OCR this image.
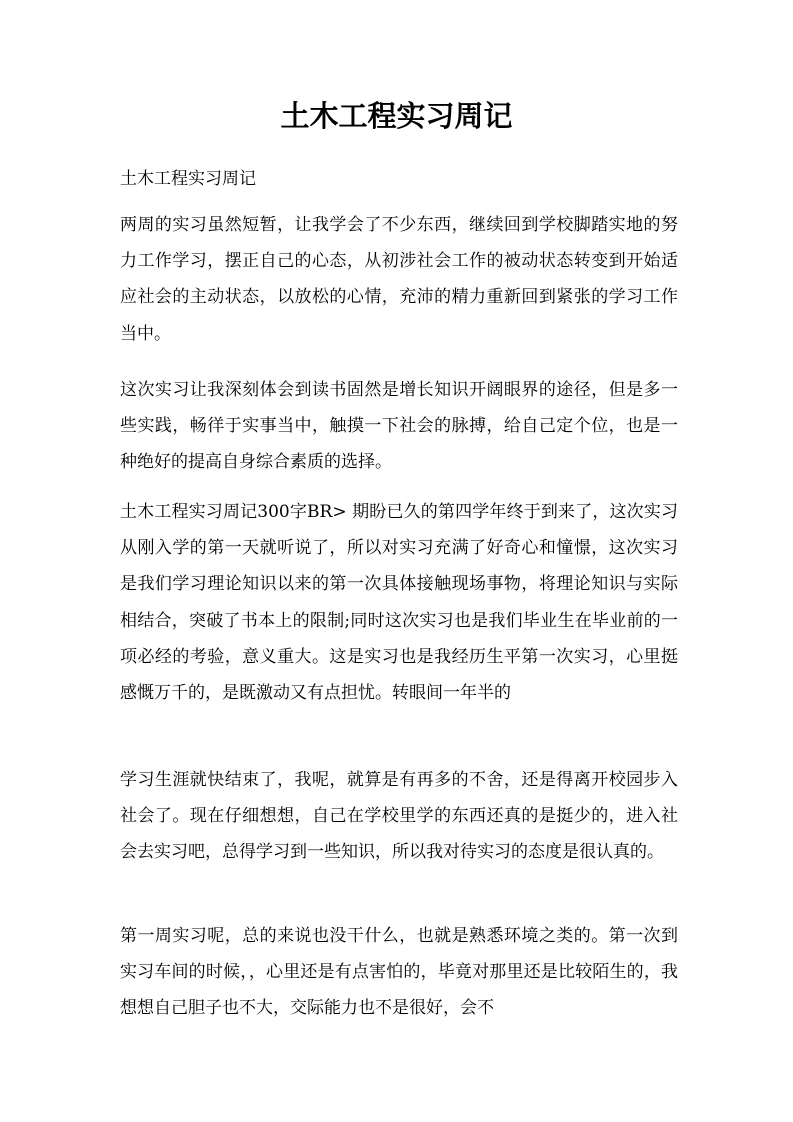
土木工程实习周记

土木工程实习周记

两周的实习虽然短暂，让我学会了不少东西，继续回到学校脚踏实地的努力工作学习，摆正自己的心态，从初涉社会工作的被动状态转变到开始适应社会的主动状态，以放松的心情，充沛的精力重新回到紧张的学习工作当中。

这次实习让我深刻体会到读书固然是增长知识开阔眼界的途径，但是多一些实践，畅徉于实事当中，触摸一下社会的脉搏，给自己定个位，也是一种绝好的提高自身综合素质的选择。

土木工程实习周记300字BR> 期盼已久的第四学年终于到来了，这次实习从刚入学的第一天就听说了，所以对实习充满了好奇心和憧憬，这次实习是我们学习理论知识以来的第一次具体接触现场事物，将理论知识与实际相结合，突破了书本上的限制;同时这次实习也是我们毕业生在毕业前的一项必经的考验，意义重大。这是实习也是我经历生平第一次实习，心里挺感慨万千的，是既激动又有点担忧。转眼间一年半的

学习生涯就快结束了，我呢，就算是有再多的不舍，还是得离开校园步入社会了。现在仔细想想，自己在学校里学的东西还真的是挺少的，进入社会去实习吧，总得学习到一些知识，所以我对待实习的态度是很认真的。

第一周实习呢，总的来说也没干什么，也就是熟悉环境之类的。第一次到实习车间的时候，，心里还是有点害怕的，毕竟对那里还是比较陌生的，我想想自己胆子也不大，交际能力也不是很好，会不
